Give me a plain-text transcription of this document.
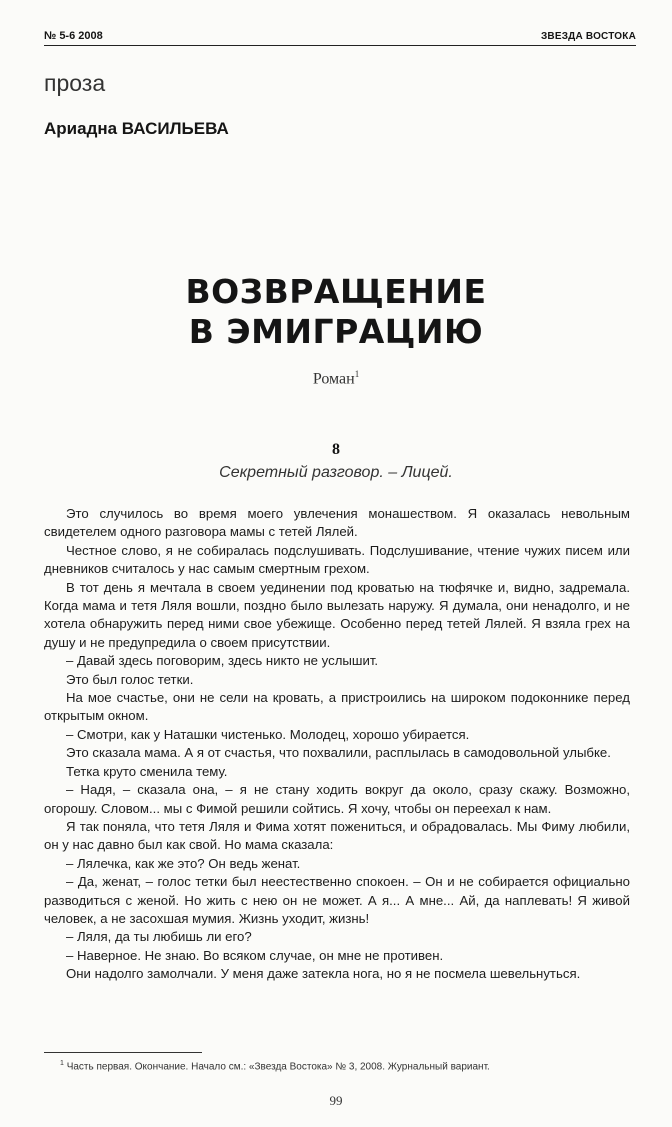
№ 5-6 2008	ЗВЕЗДА ВОСТОКА
проза
Ариадна ВАСИЛЬЕВА
ВОЗВРАЩЕНИЕ
В ЭМИГРАЦИЮ
Роман$^1$
8
Секретный разговор. – Лицей.

Это случилось во время моего увлечения монашеством. Я оказалась невольным свидетелем одного разговора мамы с тетей Лялей.

Честное слово, я не собиралась подслушивать. Подслушивание, чтение чужих писем или дневников считалось у нас самым смертным грехом.

В тот день я мечтала в своем уединении под кроватью на тюфячке и, видно, задремала. Когда мама и тетя Ляля вошли, поздно было вылезать наружу. Я думала, они ненадолго, и не хотела обнаружить перед ними свое убежище. Особенно перед тетей Лялей. Я взяла грех на душу и не предупредила о своем присутствии.

– Давай здесь поговорим, здесь никто не услышит.

Это был голос тетки.

На мое счастье, они не сели на кровать, а пристроились на широком подоконнике перед открытым окном.

– Смотри, как у Наташки чистенько. Молодец, хорошо убирается.

Это сказала мама. А я от счастья, что похвалили, расплылась в самодовольной улыбке.

Тетка круто сменила тему.

– Надя, – сказала она, – я не стану ходить вокруг да около, сразу скажу. Возможно, огорошу. Словом... мы с Фимой решили сойтись. Я хочу, чтобы он переехал к нам.

Я так поняла, что тетя Ляля и Фима хотят пожениться, и обрадовалась. Мы Фиму любили, он у нас давно был как свой. Но мама сказала:

– Лялечка, как же это? Он ведь женат.

– Да, женат, – голос тетки был неестественно спокоен. – Он и не собирается официально разводиться с женой. Но жить с нею он не может. А я... А мне... Ай, да наплевать! Я живой человек, а не засохшая мумия. Жизнь уходит, жизнь!

– Ляля, да ты любишь ли его?

– Наверное. Не знаю. Во всяком случае, он мне не противен.

Они надолго замолчали. У меня даже затекла нога, но я не посмела шевельнуться.

$^1$ Часть первая. Окончание. Начало см.: «Звезда Востока» № 3, 2008. Журнальный вариант.
99
